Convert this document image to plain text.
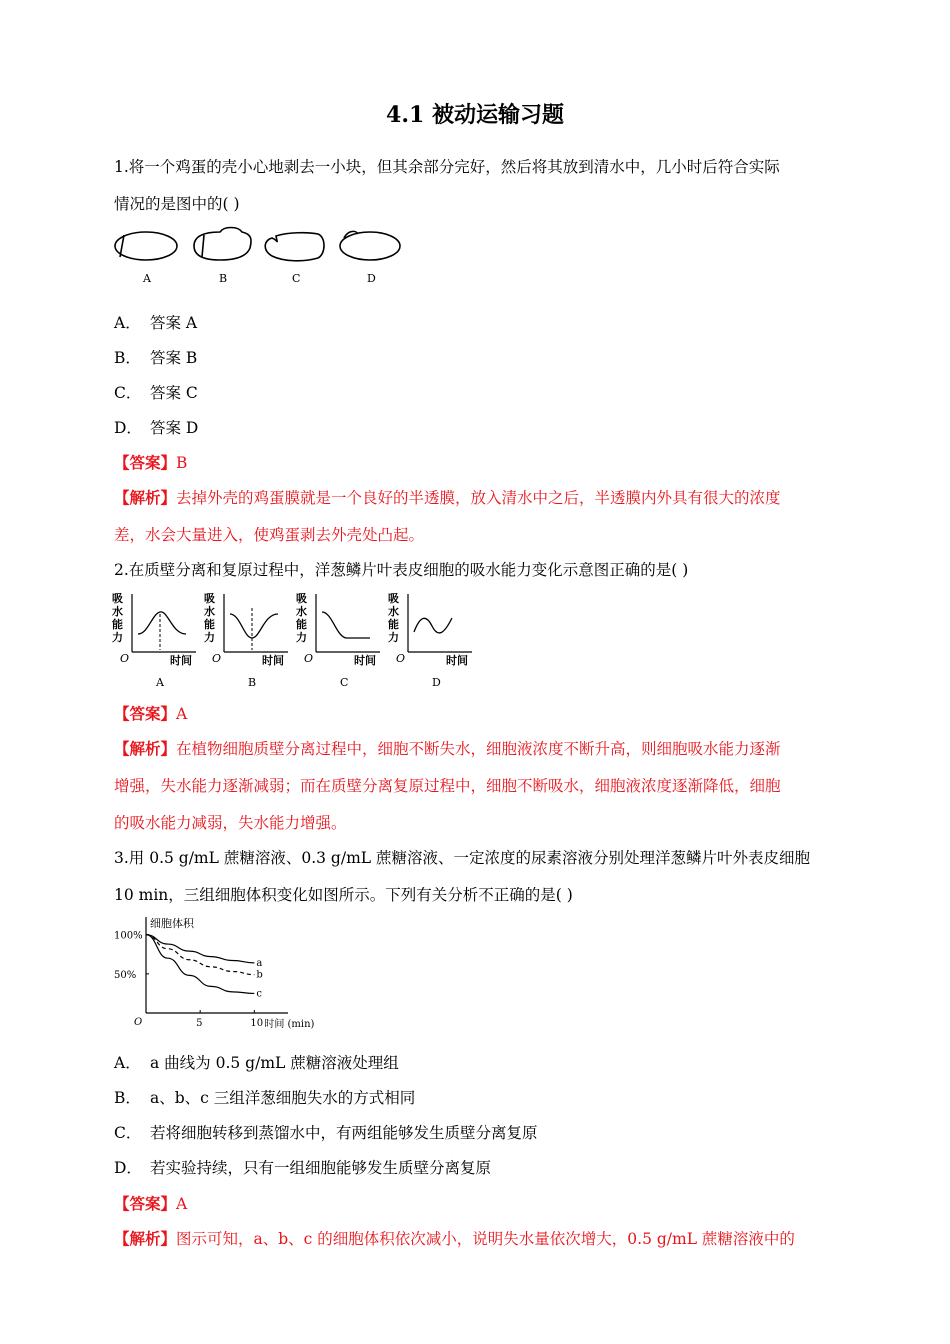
4.1 被动运输习题
1.将一个鸡蛋的壳小心地剥去一小块，但其余部分完好，然后将其放到清水中，几小时后符合实际
情况的是图中的( )
A	B	C	D
A． 答案 A
B． 答案 B
C． 答案 C
D． 答案 D
【答案】B
【解析】去掉外壳的鸡蛋膜就是一个良好的半透膜，放入清水中之后，半透膜内外具有很大的浓度
差，水会大量进入，使鸡蛋剥去外壳处凸起。
2.在质壁分离和复原过程中，洋葱鳞片叶表皮细胞的吸水能力变化示意图正确的是( )
吸
水
能
力
O	时间
A
吸
水
能
力
O	时间
B
吸
水
能
力
O	时间
C
吸
水
能
力
O	时间
D
【答案】A
【解析】在植物细胞质壁分离过程中，细胞不断失水，细胞液浓度不断升高，则细胞吸水能力逐渐
增强，失水能力逐渐减弱；而在质壁分离复原过程中，细胞不断吸水，细胞液浓度逐渐降低，细胞
的吸水能力减弱，失水能力增强。
3.用 0.5 g/mL 蔗糖溶液、0.3 g/mL 蔗糖溶液、一定浓度的尿素溶液分别处理洋葱鳞片叶外表皮细胞
10 min，三组细胞体积变化如图所示。下列有关分析不正确的是( )
细胞体积
100%
50%
5	10
O	时间 (min)
a
b
c
A． a 曲线为 0.5 g/mL 蔗糖溶液处理组
B． a、b、c 三组洋葱细胞失水的方式相同
C． 若将细胞转移到蒸馏水中，有两组能够发生质壁分离复原
D． 若实验持续，只有一组细胞能够发生质壁分离复原
【答案】A
【解析】图示可知，a、b、c 的细胞体积依次减小，说明失水量依次增大，0.5 g/mL 蔗糖溶液中的
